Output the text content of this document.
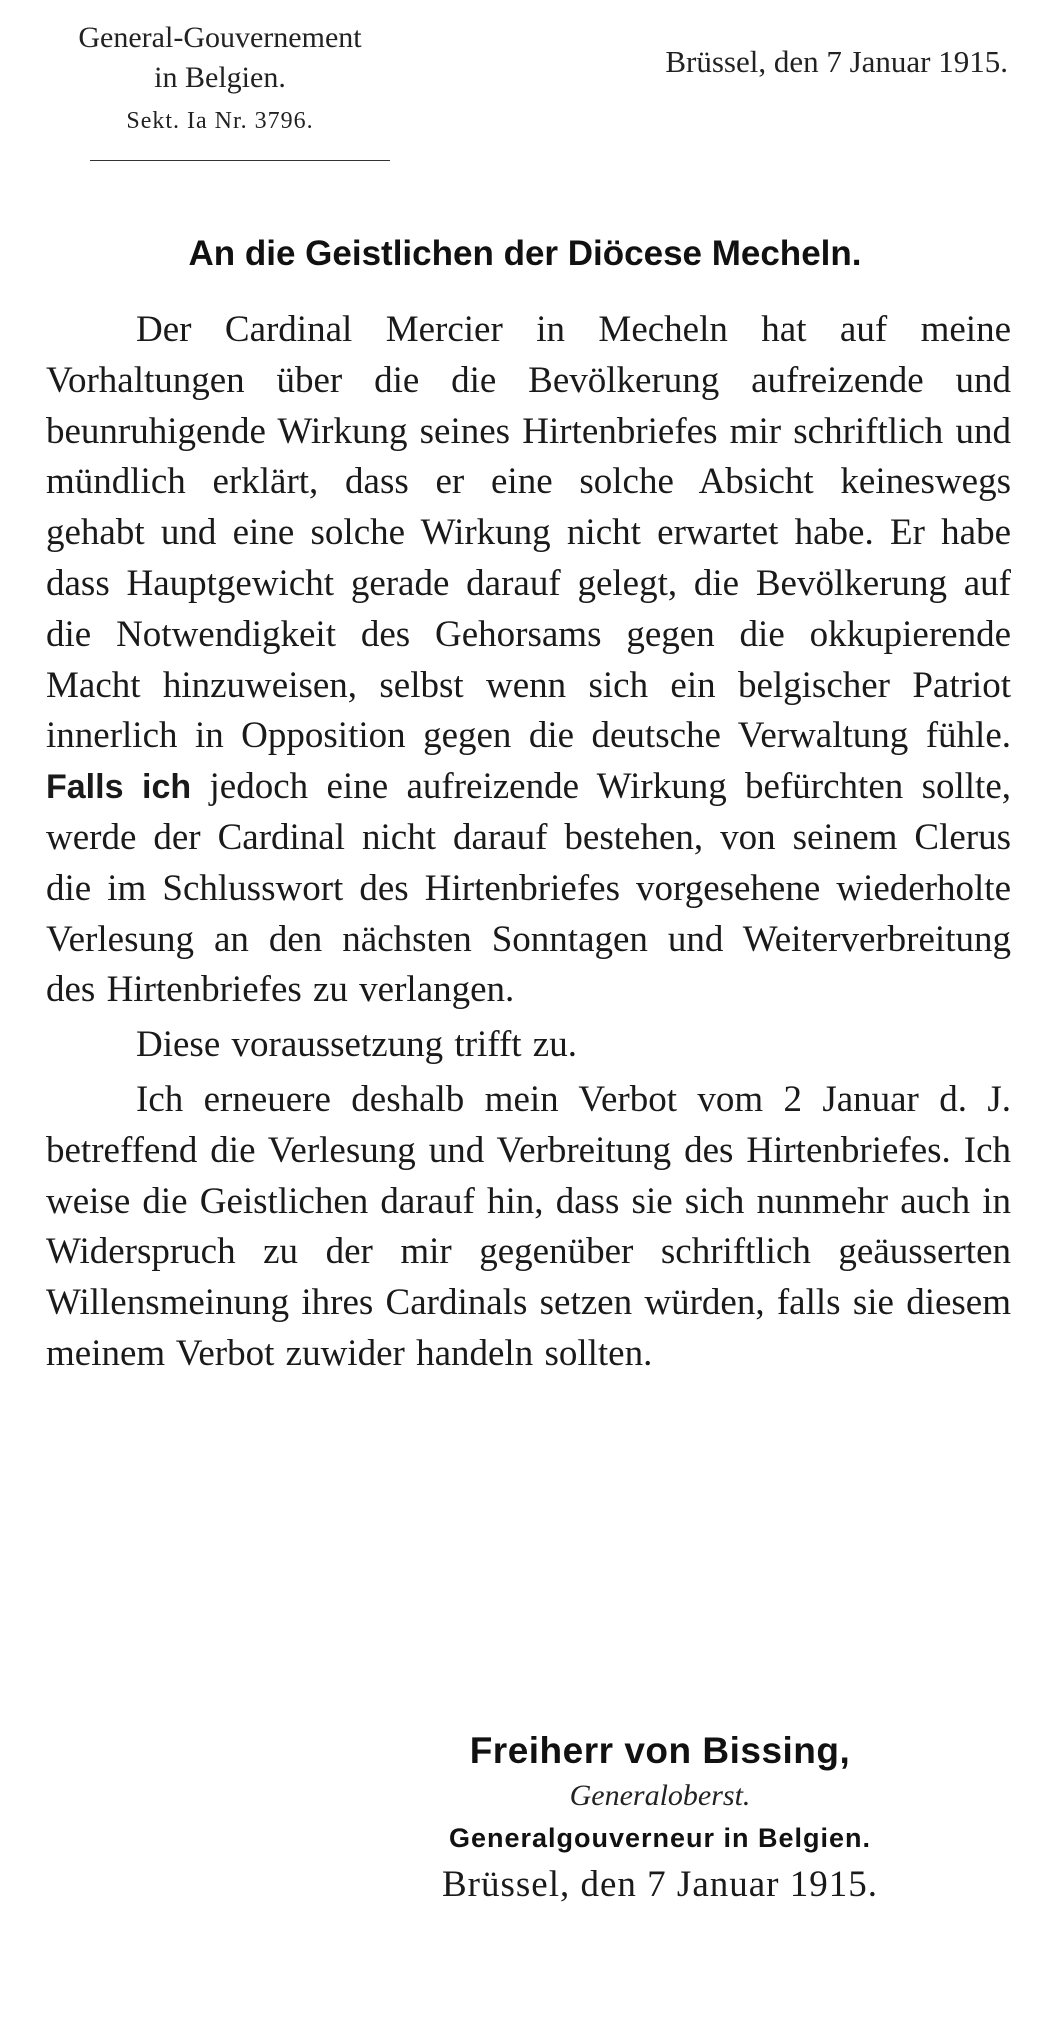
General-Gouvernement
in Belgien.
Sekt. Ia Nr. 3796.
Brüssel, den 7 Januar 1915.
An die Geistlichen der Diöcese Mecheln.

Der Cardinal Mercier in Mecheln hat auf meine Vorhaltungen über die die Bevölkerung aufreizende und beunruhigende Wirkung seines Hirtenbriefes mir schriftlich und mündlich erklärt, dass er eine solche Absicht keineswegs gehabt und eine solche Wirkung nicht erwartet habe. Er habe dass Hauptgewicht gerade darauf gelegt, die Bevölkerung auf die Notwendigkeit des Gehorsams gegen die okkupierende Macht hinzuweisen, selbst wenn sich ein belgischer Patriot innerlich in Opposition gegen die deutsche Verwaltung fühle. Falls ich jedoch eine aufreizende Wirkung befürchten sollte, werde der Cardinal nicht darauf bestehen, von seinem Clerus die im Schlusswort des Hirtenbriefes vorgesehene wiederholte Verlesung an den nächsten Sonntagen und Weiterverbreitung des Hirtenbriefes zu verlangen.

Diese voraussetzung trifft zu.

Ich erneuere deshalb mein Verbot vom 2 Januar d. J. betreffend die Verlesung und Verbreitung des Hirtenbriefes. Ich weise die Geistlichen darauf hin, dass sie sich nunmehr auch in Widerspruch zu der mir gegenüber schriftlich geäusserten Willensmeinung ihres Cardinals setzen würden, falls sie diesem meinem Verbot zuwider handeln sollten.

Freiherr von Bissing,
Generaloberst.
Generalgouverneur in Belgien.
Brüssel, den 7 Januar 1915.
